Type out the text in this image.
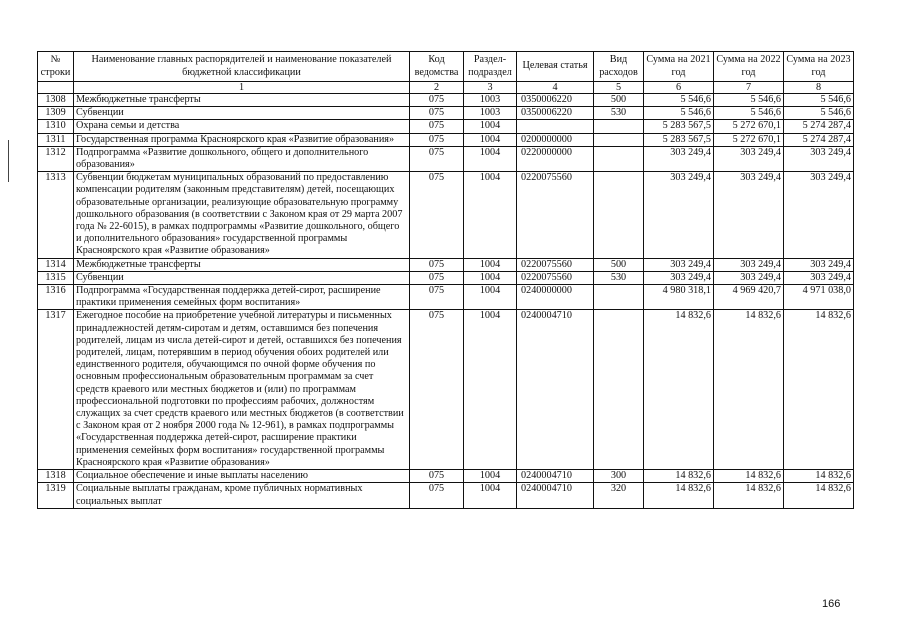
№ строки	Наименование главных распорядителей и наименование показателей бюджетной классификации	Код ведомства	Раздел-подраздел	Целевая статья	Вид расходов	Сумма на 2021 год	Сумма на 2022 год	Сумма на 2023 год
	1	2	3	4	5	6	7	8
1308	Межбюджетные трансферты	075	1003	0350006220	500	5 546,6	5 546,6	5 546,6
1309	Субвенции	075	1003	0350006220	530	5 546,6	5 546,6	5 546,6
1310	Охрана семьи и детства	075	1004			5 283 567,5	5 272 670,1	5 274 287,4
1311	Государственная программа Красноярского края «Развитие образования»	075	1004	0200000000		5 283 567,5	5 272 670,1	5 274 287,4
1312	Подпрограмма «Развитие дошкольного, общего и дополнительного образования»	075	1004	0220000000		303 249,4	303 249,4	303 249,4
1313	Субвенции бюджетам муниципальных образований по предоставлению компенсации родителям (законным представителям) детей, посещающих образовательные организации, реализующие образовательную программу дошкольного образования (в соответствии с Законом края от 29 марта 2007 года № 22-6015), в рамках подпрограммы «Развитие дошкольного, общего и дополнительного образования» государственной программы Красноярского края «Развитие образования»	075	1004	0220075560		303 249,4	303 249,4	303 249,4
1314	Межбюджетные трансферты	075	1004	0220075560	500	303 249,4	303 249,4	303 249,4
1315	Субвенции	075	1004	0220075560	530	303 249,4	303 249,4	303 249,4
1316	Подпрограмма «Государственная поддержка детей-сирот, расширение практики применения семейных форм воспитания»	075	1004	0240000000		4 980 318,1	4 969 420,7	4 971 038,0
1317	Ежегодное пособие на приобретение учебной литературы и письменных принадлежностей детям-сиротам и детям, оставшимся без попечения родителей, лицам из числа детей-сирот и детей, оставшихся без попечения родителей, лицам, потерявшим в период обучения обоих родителей или единственного родителя, обучающимся по очной форме обучения по основным профессиональным образовательным программам за счет средств краевого или местных бюджетов и (или) по программам профессиональной подготовки по профессиям рабочих, должностям служащих за счет средств краевого или местных бюджетов (в соответствии с Законом края от 2 ноября 2000 года № 12-961), в рамках подпрограммы «Государственная поддержка детей-сирот, расширение практики применения семейных форм воспитания» государственной программы Красноярского края «Развитие образования»	075	1004	0240004710		14 832,6	14 832,6	14 832,6
1318	Социальное обеспечение и иные выплаты населению	075	1004	0240004710	300	14 832,6	14 832,6	14 832,6
1319	Социальные выплаты гражданам, кроме публичных нормативных социальных выплат	075	1004	0240004710	320	14 832,6	14 832,6	14 832,6
166
